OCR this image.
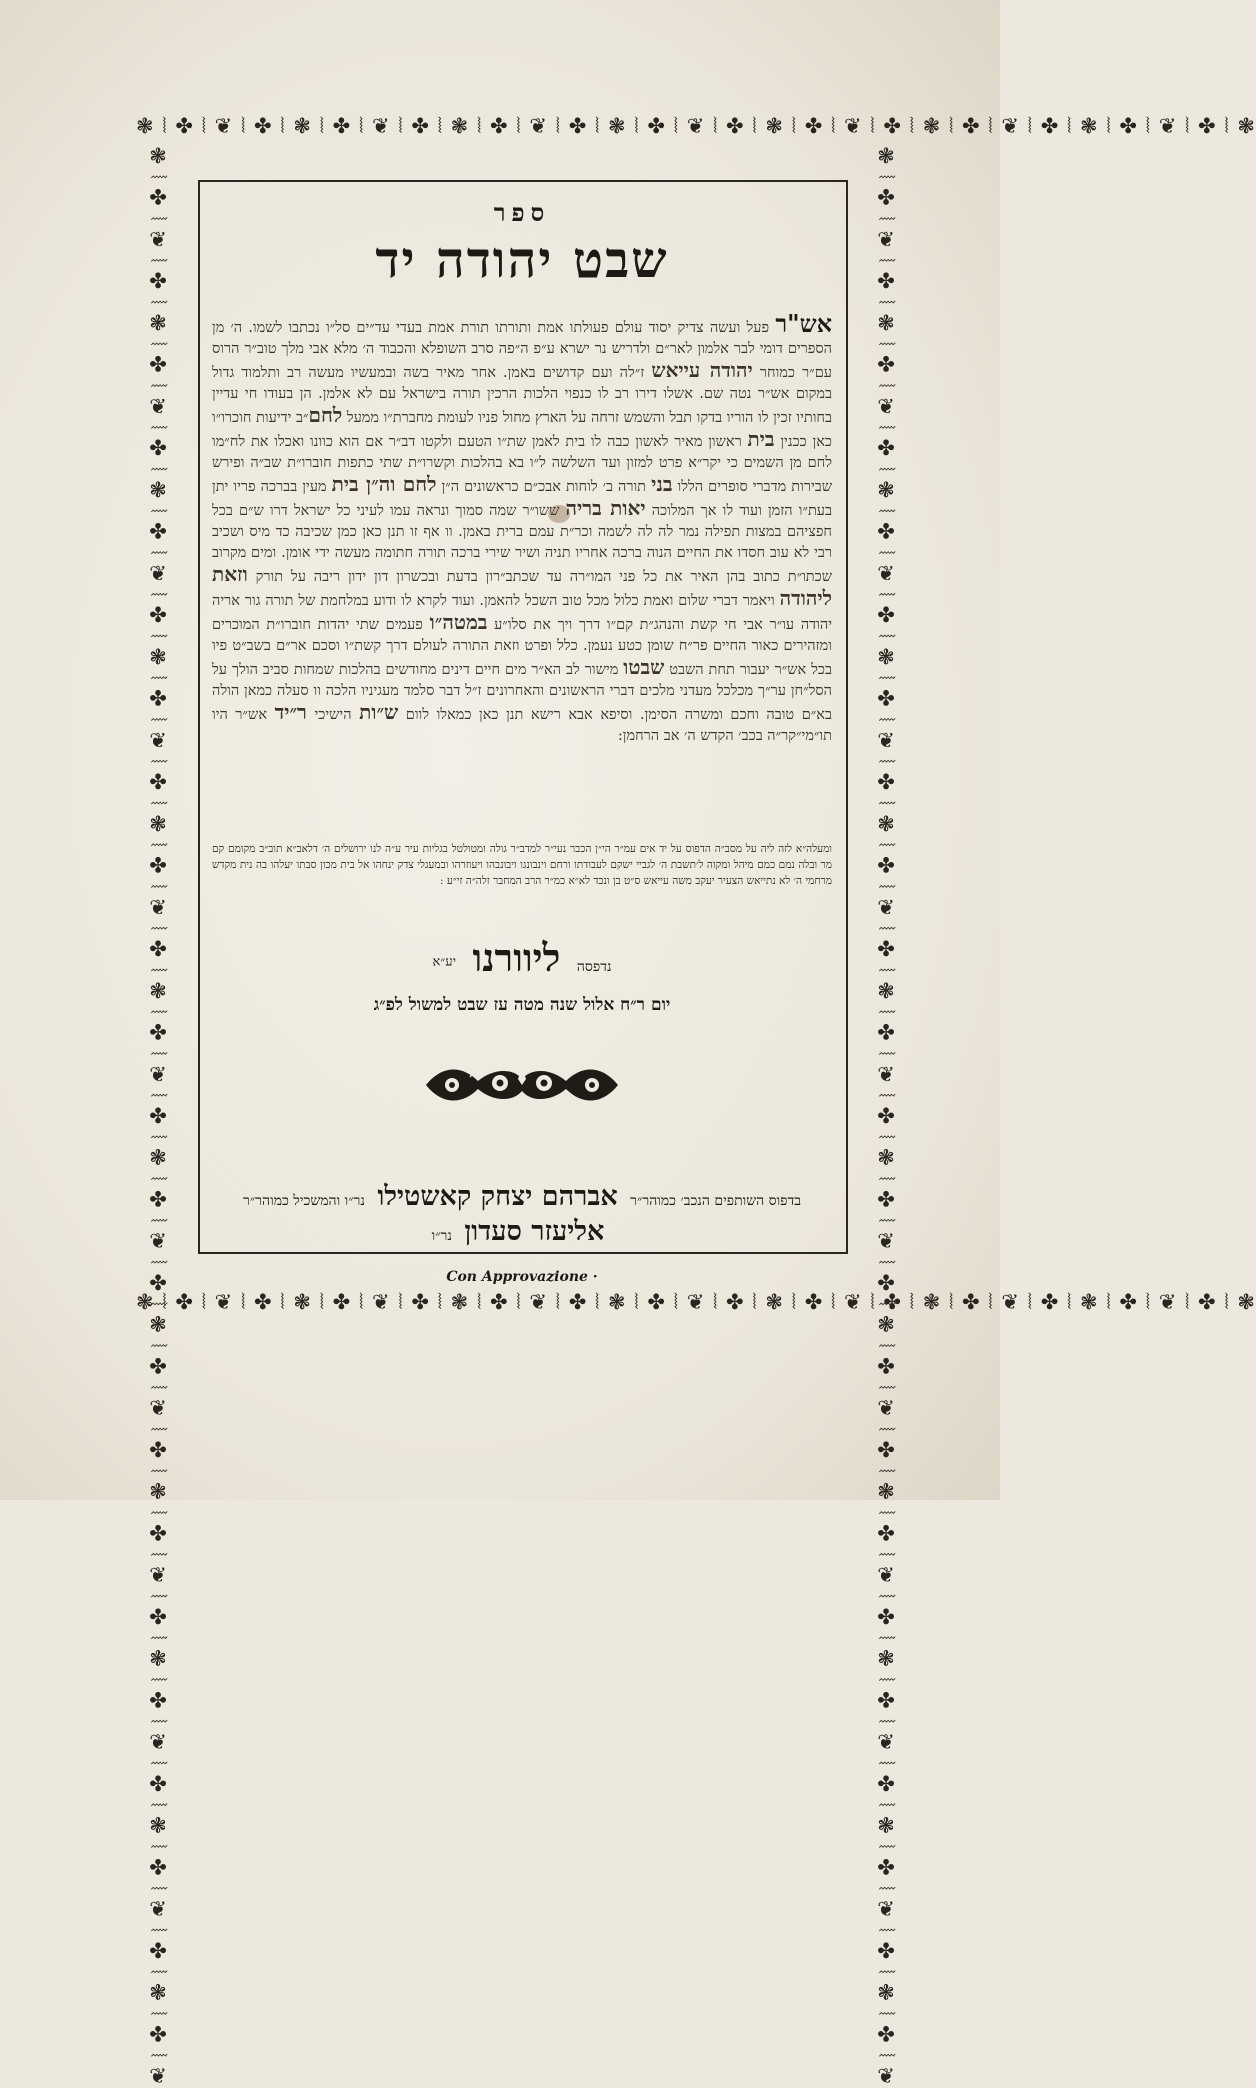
❃ ⦚ ✤ ⦚ ❦ ⦚ ✤ ⦚ ❃ ⦚ ✤ ⦚ ❦ ⦚ ✤ ⦚ ❃ ⦚ ✤ ⦚ ❦ ⦚ ✤ ⦚ ❃ ⦚ ✤ ⦚ ❦ ⦚ ✤ ⦚ ❃ ⦚ ✤ ⦚ ❦ ⦚ ✤ ⦚ ❃ ⦚ ✤ ⦚ ❦ ⦚ ✤ ⦚ ❃ ⦚ ✤ ⦚ ❦ ⦚ ✤ ⦚ ❃
❃ ⦚ ✤ ⦚ ❦ ⦚ ✤ ⦚ ❃ ⦚ ✤ ⦚ ❦ ⦚ ✤ ⦚ ❃ ⦚ ✤ ⦚ ❦ ⦚ ✤ ⦚ ❃ ⦚ ✤ ⦚ ❦ ⦚ ✤ ⦚ ❃ ⦚ ✤ ⦚ ❦ ⦚ ✤ ⦚ ❃ ⦚ ✤ ⦚ ❦ ⦚ ✤ ⦚ ❃ ⦚ ✤ ⦚ ❦ ⦚ ✤ ⦚ ❃
❃ ⦚ ✤ ⦚ ❦ ⦚ ✤ ⦚ ❃ ⦚ ✤ ⦚ ❦ ⦚ ✤ ⦚ ❃ ⦚ ✤ ⦚ ❦ ⦚ ✤ ⦚ ❃ ⦚ ✤ ⦚ ❦ ⦚ ✤ ⦚ ❃ ⦚ ✤ ⦚ ❦ ⦚ ✤ ⦚ ❃ ⦚ ✤ ⦚ ❦ ⦚ ✤ ⦚ ❃ ⦚ ✤ ⦚ ❦ ⦚ ✤ ⦚ ❃ ⦚ ✤ ⦚ ❦ ⦚ ✤ ⦚ ❃ ⦚ ✤ ⦚ ❦ ⦚ ✤ ⦚ ❃ ⦚ ✤ ⦚ ❦ ⦚ ✤ ⦚ ❃ ⦚ ✤ ⦚ ❦ ⦚ ✤ ⦚ ❃ ⦚ ✤ ⦚ ❦	❃ ⦚ ✤ ⦚ ❦ ⦚ ✤ ⦚ ❃ ⦚ ✤ ⦚ ❦ ⦚ ✤ ⦚ ❃ ⦚ ✤ ⦚ ❦ ⦚ ✤ ⦚ ❃ ⦚ ✤ ⦚ ❦ ⦚ ✤ ⦚ ❃ ⦚ ✤ ⦚ ❦ ⦚ ✤ ⦚ ❃ ⦚ ✤ ⦚ ❦ ⦚ ✤ ⦚ ❃ ⦚ ✤ ⦚ ❦ ⦚ ✤ ⦚ ❃ ⦚ ✤ ⦚ ❦ ⦚ ✤ ⦚ ❃ ⦚ ✤ ⦚ ❦ ⦚ ✤ ⦚ ❃ ⦚ ✤ ⦚ ❦ ⦚ ✤ ⦚ ❃ ⦚ ✤ ⦚ ❦ ⦚ ✤ ⦚ ❃ ⦚ ✤ ⦚ ❦
ספר
שבט יהודה יד
אש"ר פעל ועשה צדיק יסוד עולם פעולתו אמת ותורתו תורת אמת בעדי עד״ים סל״ו נכתבו לשמו. ה׳ מן הספרים דומי לבר אלמון לאר״ם ולדריש נר ישרא ע״פ ה״פה סרב השופלא והכבוד ה׳ מלא אבי מלך טוב״ר הרוס עם״ר כמוחר יהודה עייאש ז״לה ועם קדושים באמן. אחר מאיר בשה ובמעשיו מעשה רב ותלמוד גדול במקום אש״ר נטה שם. אשלו דירו רב לו כנפוי הלכות הרכין תורה בישראל עם לא אלמן. הן בעודו חי עדיין בחותיו זכין לו הוריו בדקו תבל והשמש זרחה על הארץ מחול פניו לעומת מחברת״ו ממעל לחם״ב ידיעות חוכרו״ו כאן ככנין בית ראשון מאיר לאשון כבה לו בית לאמן שת״ו הטעם ולקטו דב״ר אם הוא כוונו ואכלו את לח״מו לחם מן השמים כי יקר״א פרט למזון ועד השלשה ל״ו בא בהלכות וקשרו״ת שתי כתפות חוברו״ת שב״ה ופירש שבירות מדברי סופרים הללו בני תורה ב׳ לוחות אבכ״ם כראשונים ה״ן לחם וה״ן בית מעין בברכה פריו יתן בעת״ו הזמן ועוד לו אך המלוכה יאות בריה ששו״ר שמה סמוך ונראה עמו לעיני כל ישראל דרו ש״ם בכל חפציהם במצות תפילה נמר לה לה לשמה וכר״ת עמם ברית באמן. וו אף זו תנן כאן כמן שכיבה כד מיס ושכיב רבי לא עוב חסדו את החיים הנוה ברכה אחריו תניה ושיר שירי ברכה תורה חתומה מעשה ידי אומן. ומים מקרוב שכתו״ת כתוב בהן האיר את כל פני המו״רה עד שכתב״רון בדעת ובכשרון דון ידון ריבה על תורק וזאת ליהודה ויאמר דברי שלום ואמת כלול מכל טוב השכל להאמן. ועוד לקרא לו ודוע במלחמת של תורה גור אריה יהודה עו״ר אבי חי קשת והנהג״ת קם״ו דרך ויך את סלו״ע במטה״ו פעמים שתי יהדות חוברו״ת המוכרים ומזהירים כאור החיים פר״ח שומן כטע נעמן. כלל ופרט וזאת התורה לעולם דרך קשת״ו וסכם אר״ם בשב״ט פיו בכל אש״ר יעבור תחת השבט שבטו מישור לב הא״ר מים חיים דינים מחודשים בהלכות שמחות סביב הולך על הסל״חן ער״ך מכלכל מעדני מלכים דברי הראשונים והאחרונים ז״ל דבר סלמד מעגיניו הלכה וו סעלה כמאן הולה בא״ם טובה וחכם ומשרה הסימן. וסיפא אבא רישא תנן כאן כמאלו לוום ש״ות הישיכי ר״יד אש״ר היו תו״מי״קר״ה בכב׳ הקדש ה׳ אב הרחמן:
ומעלה״א לזה ליה על מסב״ה הדפוס על יד אים עמ״ר הי״ן הכבר נעי״ר למדב״ר גולה ומטולטל בגליות עיר ע״ה לנו ירושלים ה׳ דלאב״א תוב״ב מקומם קם מר ובלה נמם כמם מיהל ומקוה ל׳תשבת ה׳ לגביי ישקם לעבודתו ורחם וינבונגו ויבונבהו ויעוזרהו ובמעגלי צדק ינחהו אל בית מכון סבתו יעלהו בה נית מקדש מרחמי ה׳ לא נתייאש הצעיר יעקב משה עייאש ס״ט בן ונכד לא״א כמ״ר הרב המחבר זלה״ה זי״ע :
נדפסה ליוורנו יע״א
יום ר״ח אלול שנה מטה עז שבט למשול לפ״ג
בדפוס השותפים הנכב׳ כמוהר״ר אברהם יצחק קאשטילו נר״ו והמשכיל כמוהר״ר
אליעזר סעדון נר״ו
Con Approvazione ·
